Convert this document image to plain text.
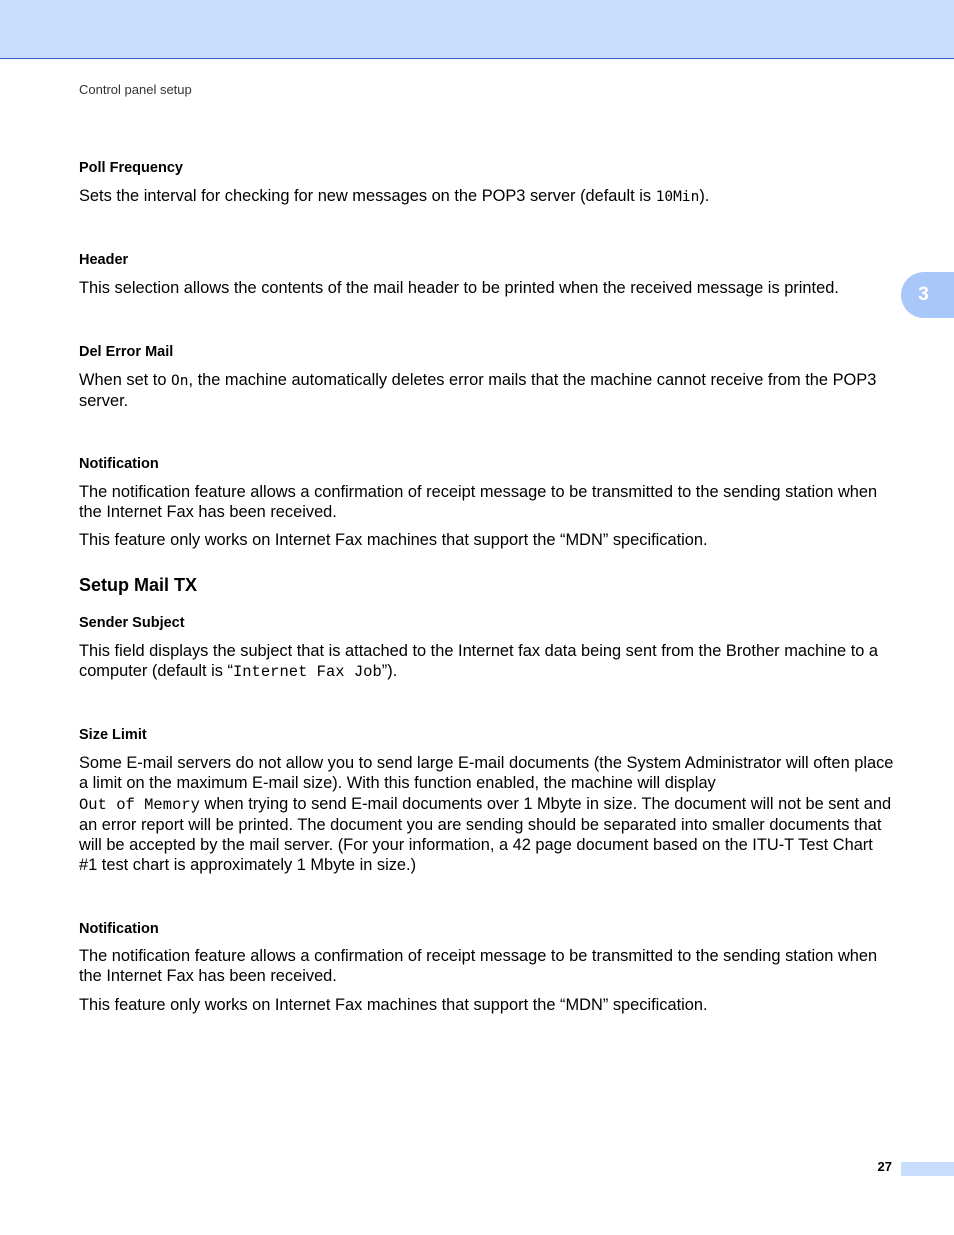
Control panel setup
3
Poll Frequency

Sets the interval for checking for new messages on the POP3 server (default is 10Min).

Header

This selection allows the contents of the mail header to be printed when the received message is printed.

Del Error Mail

When set to On, the machine automatically deletes error mails that the machine cannot receive from the POP3 server.

Notification

The notification feature allows a confirmation of receipt message to be transmitted to the sending station when the Internet Fax has been received.

This feature only works on Internet Fax machines that support the “MDN” specification.

Setup Mail TX
Sender Subject

This field displays the subject that is attached to the Internet fax data being sent from the Brother machine to a computer (default is “Internet Fax Job”).

Size Limit

Some E-mail servers do not allow you to send large E-mail documents (the System Administrator will often place a limit on the maximum E-mail size). With this function enabled, the machine will display
Out of Memory when trying to send E-mail documents over 1 Mbyte in size. The document will not be sent and an error report will be printed. The document you are sending should be separated into smaller documents that will be accepted by the mail server. (For your information, a 42 page document based on the ITU-T Test Chart #1 test chart is approximately 1 Mbyte in size.)

Notification

The notification feature allows a confirmation of receipt message to be transmitted to the sending station when the Internet Fax has been received.

This feature only works on Internet Fax machines that support the “MDN” specification.

27
